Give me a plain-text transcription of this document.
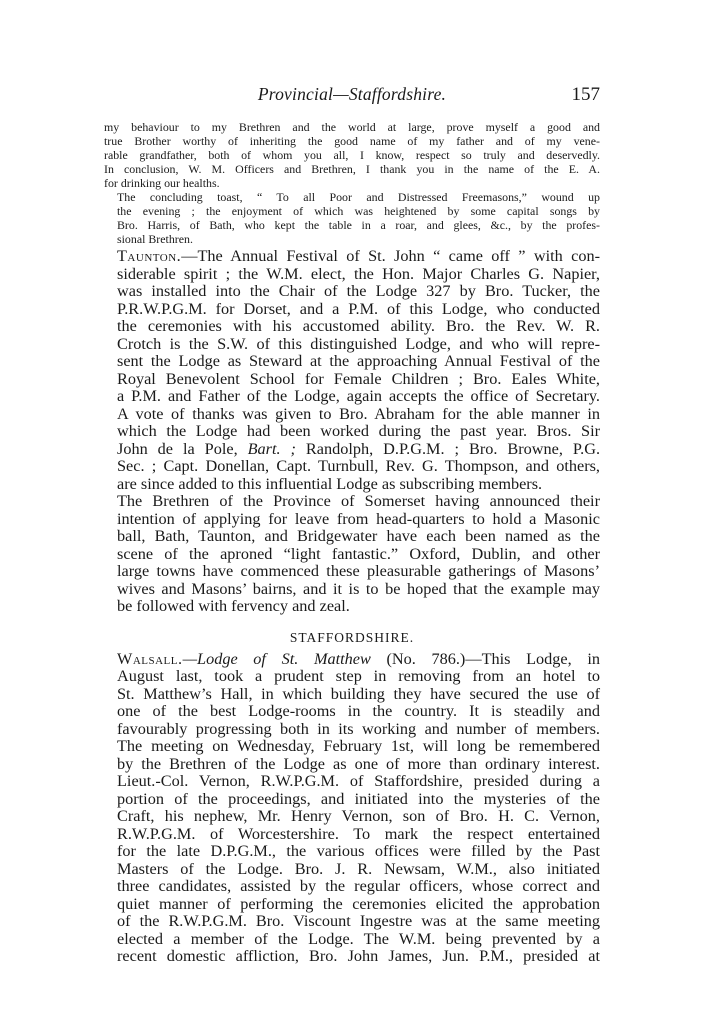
Provincial—Staffordshire.	157

my behaviour to my Brethren and the world at large, prove myself a good and
true Brother worthy of inheriting the good name of my father and of my vene-
rable grandfather, both of whom you all, I know, respect so truly and deservedly.
In conclusion, W. M. Officers and Brethren, I thank you in the name of the E. A.
for drinking our healths.

The concluding toast, “ To all Poor and Distressed Freemasons,” wound up
the evening ; the enjoyment of which was heightened by some capital songs by
Bro. Harris, of Bath, who kept the table in a roar, and glees, &c., by the profes-
sional Brethren.

Taunton.—The Annual Festival of St. John “ came off ” with con-
siderable spirit ; the W.M. elect, the Hon. Major Charles G. Napier,
was installed into the Chair of the Lodge 327 by Bro. Tucker, the
P.R.W.P.G.M. for Dorset, and a P.M. of this Lodge, who conducted
the ceremonies with his accustomed ability. Bro. the Rev. W. R.
Crotch is the S.W. of this distinguished Lodge, and who will repre-
sent the Lodge as Steward at the approaching Annual Festival of the
Royal Benevolent School for Female Children ; Bro. Eales White,
a P.M. and Father of the Lodge, again accepts the office of Secretary.
A vote of thanks was given to Bro. Abraham for the able manner in
which the Lodge had been worked during the past year. Bros. Sir
John de la Pole, Bart. ; Randolph, D.P.G.M. ; Bro. Browne, P.G.
Sec. ; Capt. Donellan, Capt. Turnbull, Rev. G. Thompson, and others,
are since added to this influential Lodge as subscribing members.

The Brethren of the Province of Somerset having announced their
intention of applying for leave from head-quarters to hold a Masonic
ball, Bath, Taunton, and Bridgewater have each been named as the
scene of the aproned “light fantastic.” Oxford, Dublin, and other
large towns have commenced these pleasurable gatherings of Masons’
wives and Masons’ bairns, and it is to be hoped that the example may
be followed with fervency and zeal.

STAFFORDSHIRE.

Walsall.—Lodge of St. Matthew (No. 786.)—This Lodge, in
August last, took a prudent step in removing from an hotel to
St. Matthew’s Hall, in which building they have secured the use of
one of the best Lodge-rooms in the country. It is steadily and
favourably progressing both in its working and number of members.
The meeting on Wednesday, February 1st, will long be remembered
by the Brethren of the Lodge as one of more than ordinary interest.
Lieut.-Col. Vernon, R.W.P.G.M. of Staffordshire, presided during a
portion of the proceedings, and initiated into the mysteries of the
Craft, his nephew, Mr. Henry Vernon, son of Bro. H. C. Vernon,
R.W.P.G.M. of Worcestershire. To mark the respect entertained
for the late D.P.G.M., the various offices were filled by the Past
Masters of the Lodge. Bro. J. R. Newsam, W.M., also initiated
three candidates, assisted by the regular officers, whose correct and
quiet manner of performing the ceremonies elicited the approbation
of the R.W.P.G.M. Bro. Viscount Ingestre was at the same meeting
elected a member of the Lodge. The W.M. being prevented by a
recent domestic affliction, Bro. John James, Jun. P.M., presided at
